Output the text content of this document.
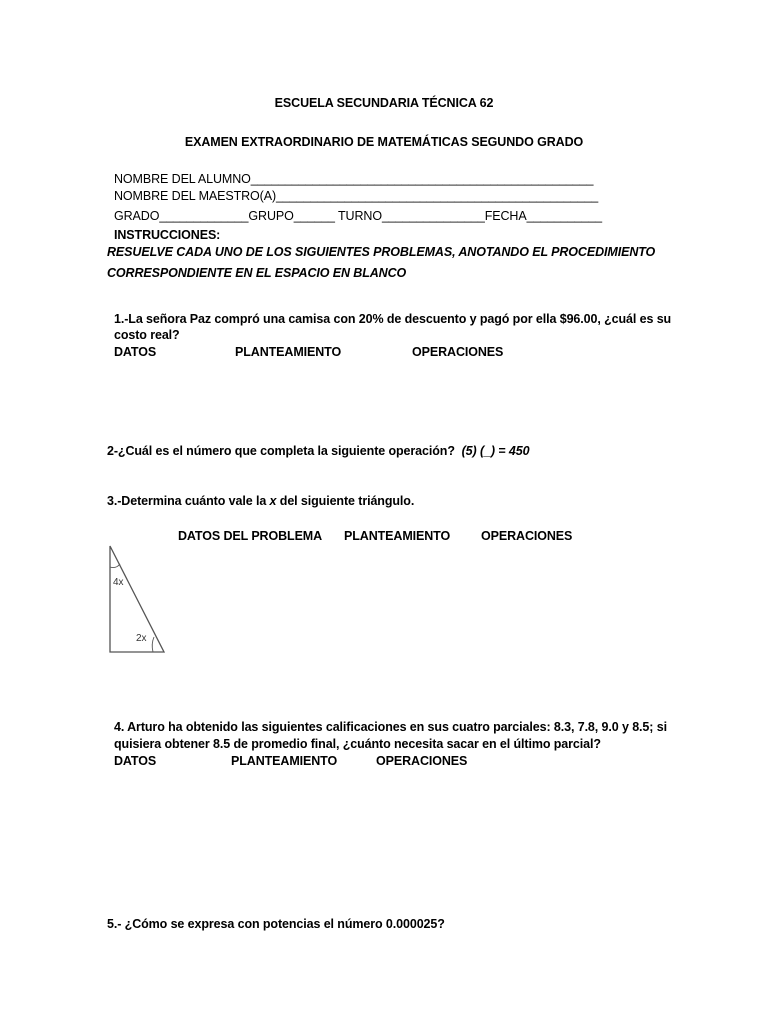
ESCUELA SECUNDARIA TÉCNICA 62
EXAMEN EXTRAORDINARIO DE MATEMÁTICAS SEGUNDO GRADO
NOMBRE DEL ALUMNO__________________________________________________
NOMBRE DEL MAESTRO(A)_______________________________________________
GRADO_____________GRUPO______ TURNO_______________FECHA___________
INSTRUCCIONES:
RESUELVE CADA UNO DE LOS SIGUIENTES PROBLEMAS, ANOTANDO EL PROCEDIMIENTO
CORRESPONDIENTE EN EL ESPACIO EN BLANCO
1.-La señora Paz compró una camisa con 20% de descuento y pagó por ella $96.00, ¿cuál es su
costo real?
DATOS	PLANTEAMIENTO	OPERACIONES
2-¿Cuál es el número que completa la siguiente operación? (5) (_) = 450
3.-Determina cuánto vale la x del siguiente triángulo.
DATOS DEL PROBLEMA PLANTEAMIENTO OPERACIONES
4x
2x
4. Arturo ha obtenido las siguientes calificaciones en sus cuatro parciales: 8.3, 7.8, 9.0 y 8.5; si
quisiera obtener 8.5 de promedio final, ¿cuánto necesita sacar en el último parcial?
DATOS	PLANTEAMIENTO	OPERACIONES
5.- ¿Cómo se expresa con potencias el número 0.000025?
